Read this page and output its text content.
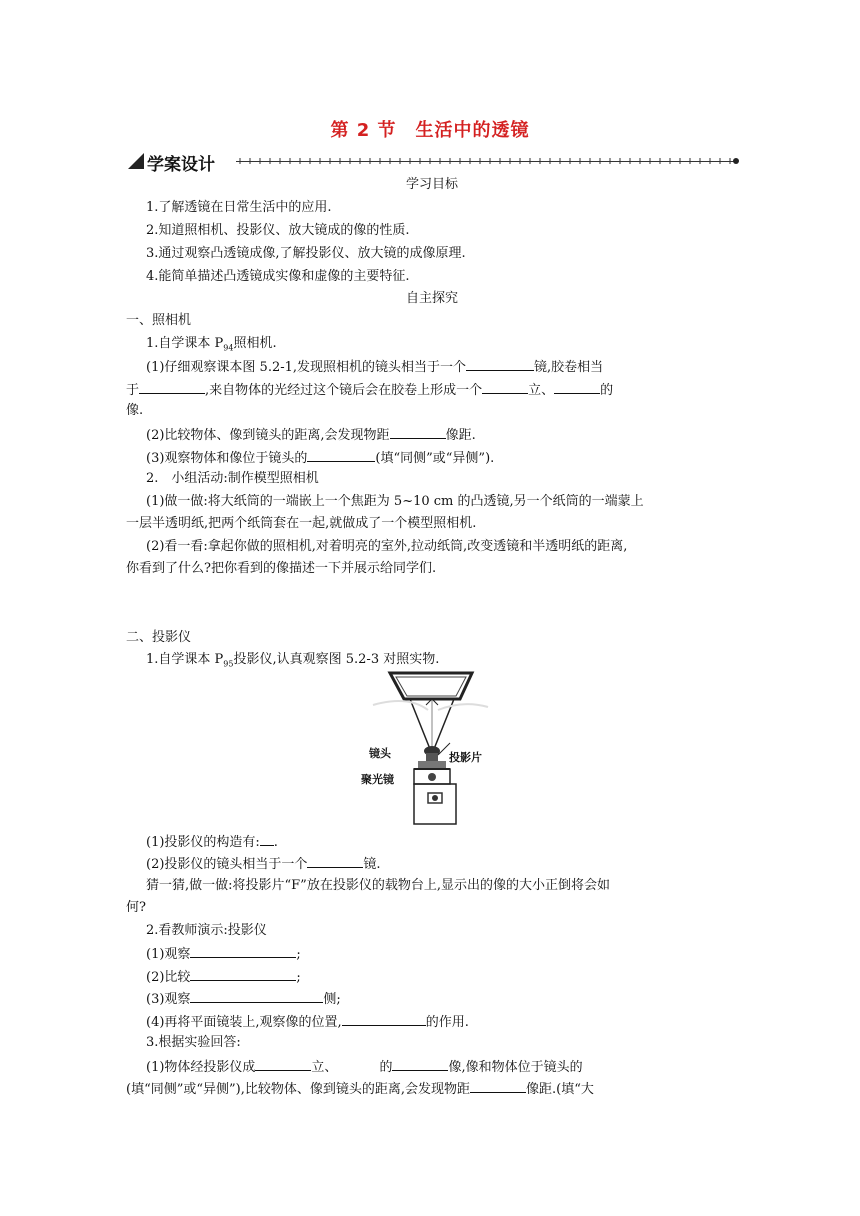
第 2 节　生活中的透镜
学案设计
学习目标
1.了解透镜在日常生活中的应用.
2.知道照相机、投影仪、放大镜成的像的性质.
3.通过观察凸透镜成像,了解投影仪、放大镜的成像原理.
4.能简单描述凸透镜成实像和虚像的主要特征.
自主探究
一、照相机
1.自学课本 $P_{94}$照相机.
(1)仔细观察课本图 5.2-1,发现照相机的镜头相当于一个	镜,胶卷相当
于	,来自物体的光经过这个镜后会在胶卷上形成一个	立、	的
像.
(2)比较物体、像到镜头的距离,会发现物距	像距.
(3)观察物体和像位于镜头的	(填“同侧”或“异侧”).
2.　小组活动:制作模型照相机
(1)做一做:将大纸筒的一端嵌上一个焦距为 5~10 cm 的凸透镜,另一个纸筒的一端蒙上
一层半透明纸,把两个纸筒套在一起,就做成了一个模型照相机.
(2)看一看:拿起你做的照相机,对着明亮的室外,拉动纸筒,改变透镜和半透明纸的距离,
你看到了什么?把你看到的像描述一下并展示给同学们.
二、投影仪
1.自学课本 $P_{95}$投影仪,认真观察图 5.2-3 对照实物.
镜头	投影片
聚光镜
(1)投影仪的构造有: .
(2)投影仪的镜头相当于一个	镜.
猜一猜,做一做:将投影片“F”放在投影仪的载物台上,显示出的像的大小正倒将会如
何?
2.看教师演示:投影仪
(1)观察	;
(2)比较	;
(3)观察	侧;
(4)再将平面镜装上,观察像的位置,	的作用.
3.根据实验回答:
(1)物体经投影仪成	立、	的	像,像和物体位于镜头的
(填“同侧”或“异侧”),比较物体、像到镜头的距离,会发现物距	像距.(填“大
